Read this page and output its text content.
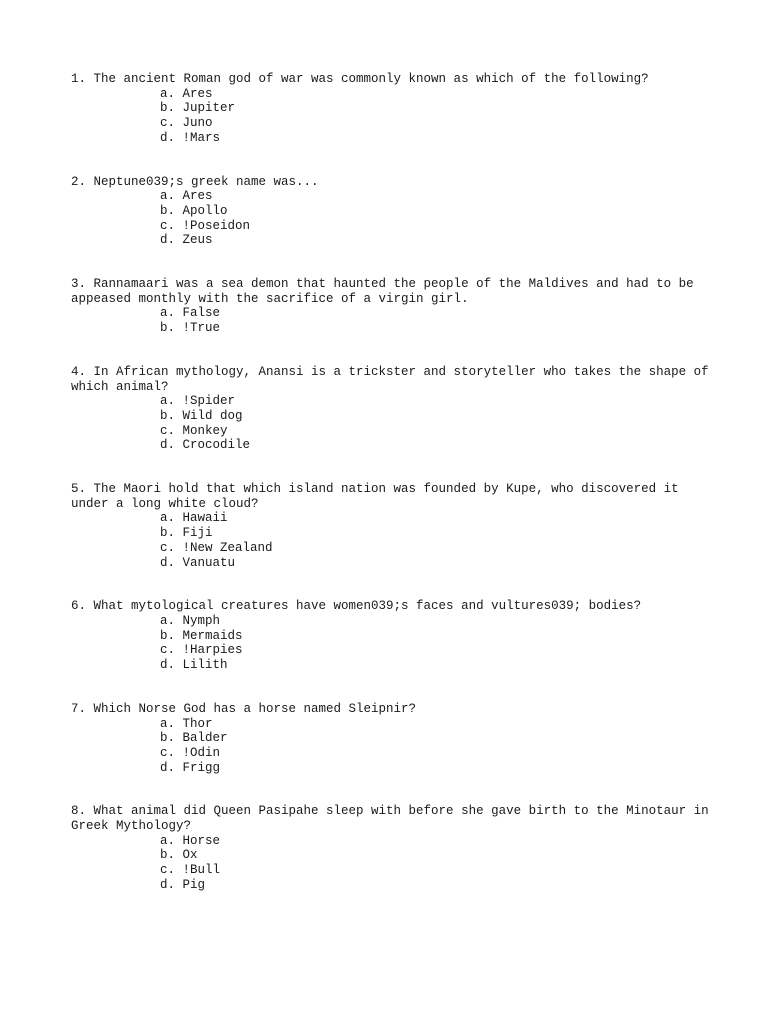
1. The ancient Roman god of war was commonly known as which of the following?

a. Ares
b. Jupiter
c. Juno
d. !Mars

2. Neptune039;s greek name was...

a. Ares
b. Apollo
c. !Poseidon
d. Zeus

3. Rannamaari was a sea demon that haunted the people of the Maldives and had to be appeased monthly with the sacrifice of a virgin girl.

a. False
b. !True

4. In African mythology, Anansi is a trickster and storyteller who takes the shape of which animal?

a. !Spider
b. Wild dog
c. Monkey
d. Crocodile

5. The Maori hold that which island nation was founded by Kupe, who discovered it under a long white cloud?

a. Hawaii
b. Fiji
c. !New Zealand
d. Vanuatu

6. What mytological creatures have women039;s faces and vultures039; bodies?

a. Nymph
b. Mermaids
c. !Harpies
d. Lilith

7. Which Norse God has a horse named Sleipnir?

a. Thor
b. Balder
c. !Odin
d. Frigg

8. What animal did Queen Pasipahe sleep with before she gave birth to the Minotaur in Greek Mythology?

a. Horse
b. Ox
c. !Bull
d. Pig
